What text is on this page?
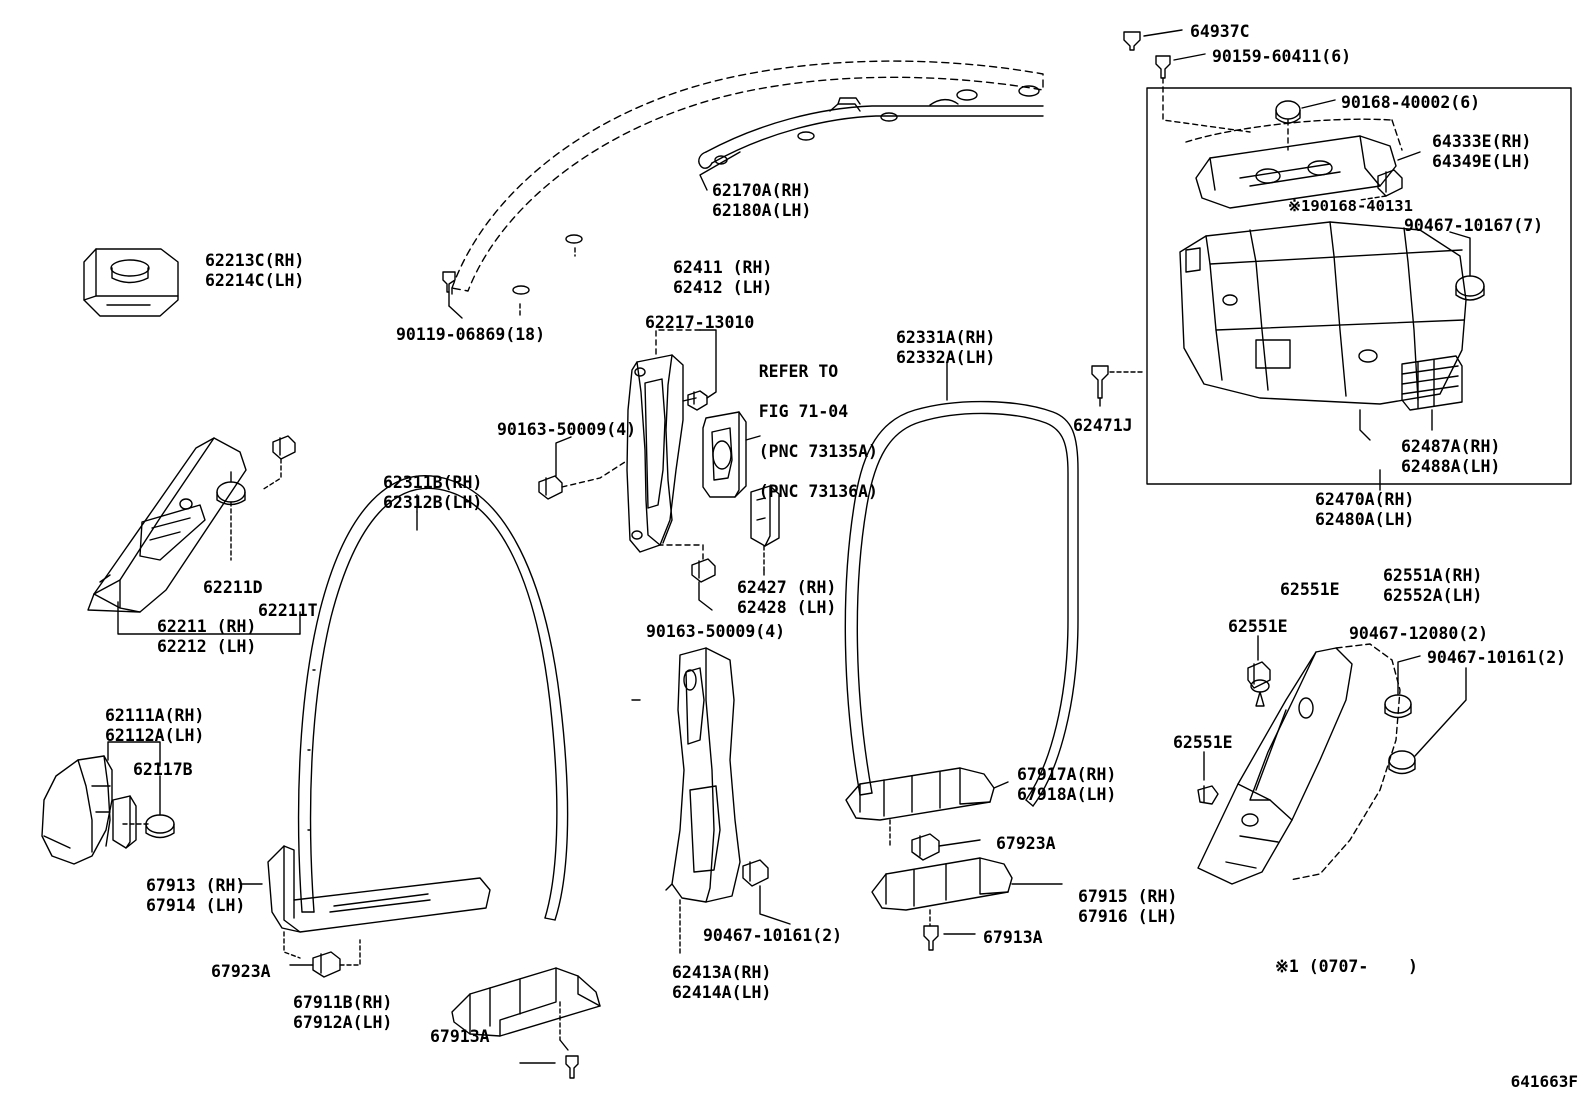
62213C(RH)
62214C(LH)
62170A(RH)
62180A(LH)
90119-06869(18)
62411 (RH)
62412 (LH)
62217-13010
62331A(RH)
62332A(LH)
90163-50009(4)
62311B(RH)
62312B(LH)
62211D
62211T
62211 (RH)
62212 (LH)
62427 (RH)
62428 (LH)
90163-50009(4)
62111A(RH)
62112A(LH)
62117B
67913 (RH)
67914 (LH)
67923A
67911B(RH)
67912A(LH)
67913A
90467-10161(2)
62413A(RH)
62414A(LH)
67917A(RH)
67918A(LH)
67923A
67915 (RH)
67916 (LH)
67913A
64937C
90159-60411(6)
90168-40002(6)
64333E(RH)
64349E(LH)
※190168-40131
90467-10167(7)
62471J
62487A(RH)
62488A(LH)
62470A(RH)
62480A(LH)
62551E
62551A(RH)
62552A(LH)
62551E	90467-12080(2)
90467-10161(2)
62551E

REFER TO

FIG 71-04

(PNC 73135A)

(PNC 73136A)

※1 (0707-    )
641663F
